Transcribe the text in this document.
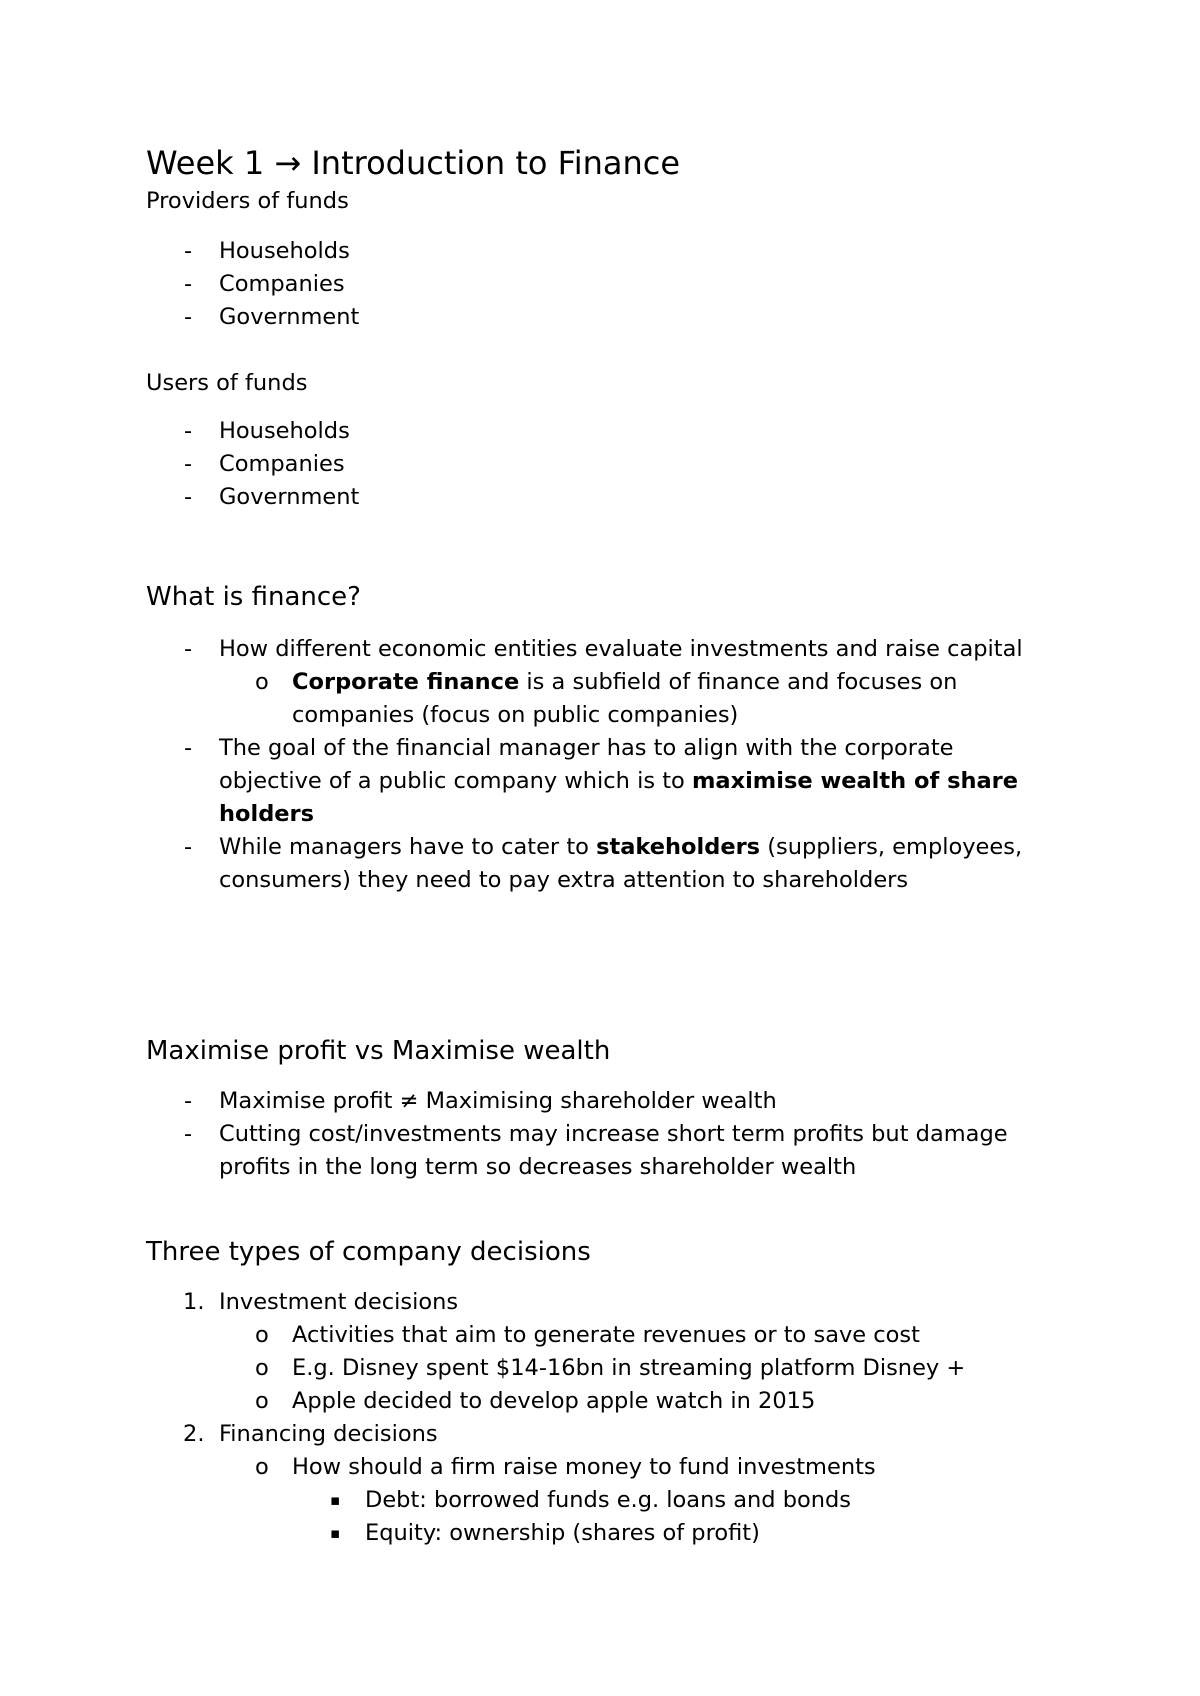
Week 1 → Introduction to Finance
Providers of funds
- Households
- Companies
- Government
Users of funds
- Households
- Companies
- Government
What is finance?
- How different economic entities evaluate investments and raise capital
o Corporate finance is a subfield of finance and focuses on companies (focus on public companies)
- The goal of the financial manager has to align with the corporate objective of a public company which is to maximise wealth of share holders
- While managers have to cater to stakeholders (suppliers, employees, consumers) they need to pay extra attention to shareholders
Maximise profit vs Maximise wealth
- Maximise profit ≠ Maximising shareholder wealth
- Cutting cost/investments may increase short term profits but damage profits in the long term so decreases shareholder wealth
Three types of company decisions
1. Investment decisions
o Activities that aim to generate revenues or to save cost
o E.g. Disney spent $14-16bn in streaming platform Disney +
o Apple decided to develop apple watch in 2015
2. Financing decisions
o How should a firm raise money to fund investments
▪ Debt: borrowed funds e.g. loans and bonds
▪ Equity: ownership (shares of profit)
